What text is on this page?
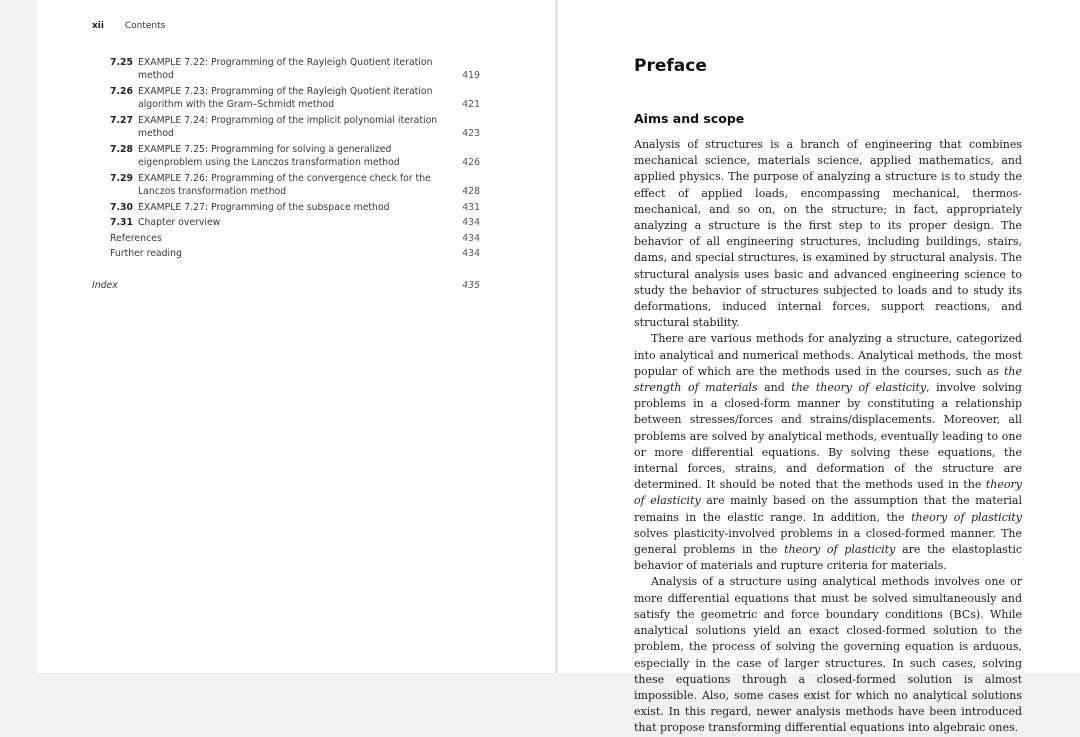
xii Contents
7.25 EXAMPLE 7.22: Programming of the Rayleigh Quotient iteration method	419
7.26 EXAMPLE 7.23: Programming of the Rayleigh Quotient iteration algorithm with the Gram–Schmidt method	421
7.27 EXAMPLE 7.24: Programming of the implicit polynomial iteration method	423
7.28 EXAMPLE 7.25: Programming for solving a generalized eigenproblem using the Lanczos transformation method	426
7.29 EXAMPLE 7.26: Programming of the convergence check for the Lanczos transformation method	428
7.30 EXAMPLE 7.27: Programming of the subspace method	431
7.31 Chapter overview	434
References	434
Further reading	434
Index	435
Preface
Aims and scope

Analysis of structures is a branch of engineering that combines mechanical science, materials science, applied mathematics, and applied physics. The purpose of analyzing a structure is to study the effect of applied loads, encompassing mechanical, thermos-mechanical, and so on, on the structure; in fact, appropriately analyzing a structure is the first step to its proper design. The behavior of all engineering structures, including buildings, stairs, dams, and special structures, is examined by structural analysis. The structural analysis uses basic and advanced engineering science to study the behavior of structures subjected to loads and to study its deformations, induced internal forces, support reactions, and structural stability.

There are various methods for analyzing a structure, categorized into analytical and numerical methods. Analytical methods, the most popular of which are the methods used in the courses, such as the strength of materials and the theory of elasticity, involve solving problems in a closed-form manner by constituting a relationship between stresses/forces and strains/displacements. Moreover, all problems are solved by analytical methods, eventually leading to one or more differential equations. By solving these equations, the internal forces, strains, and deformation of the structure are determined. It should be noted that the methods used in the theory of elasticity are mainly based on the assumption that the material remains in the elastic range. In addition, the theory of plasticity solves plasticity-involved problems in a closed-formed manner. The general problems in the theory of plasticity are the elastoplastic behavior of materials and rupture criteria for materials.

Analysis of a structure using analytical methods involves one or more differential equations that must be solved simultaneously and satisfy the geometric and force boundary conditions (BCs). While analytical solutions yield an exact closed-formed solution to the problem, the process of solving the governing equation is arduous, especially in the case of larger structures. In such cases, solving these equations through a closed-formed solution is almost impossible. Also, some cases exist for which no analytical solutions exist. In this regard, newer analysis methods have been introduced that propose transforming differential equations into algebraic ones.
